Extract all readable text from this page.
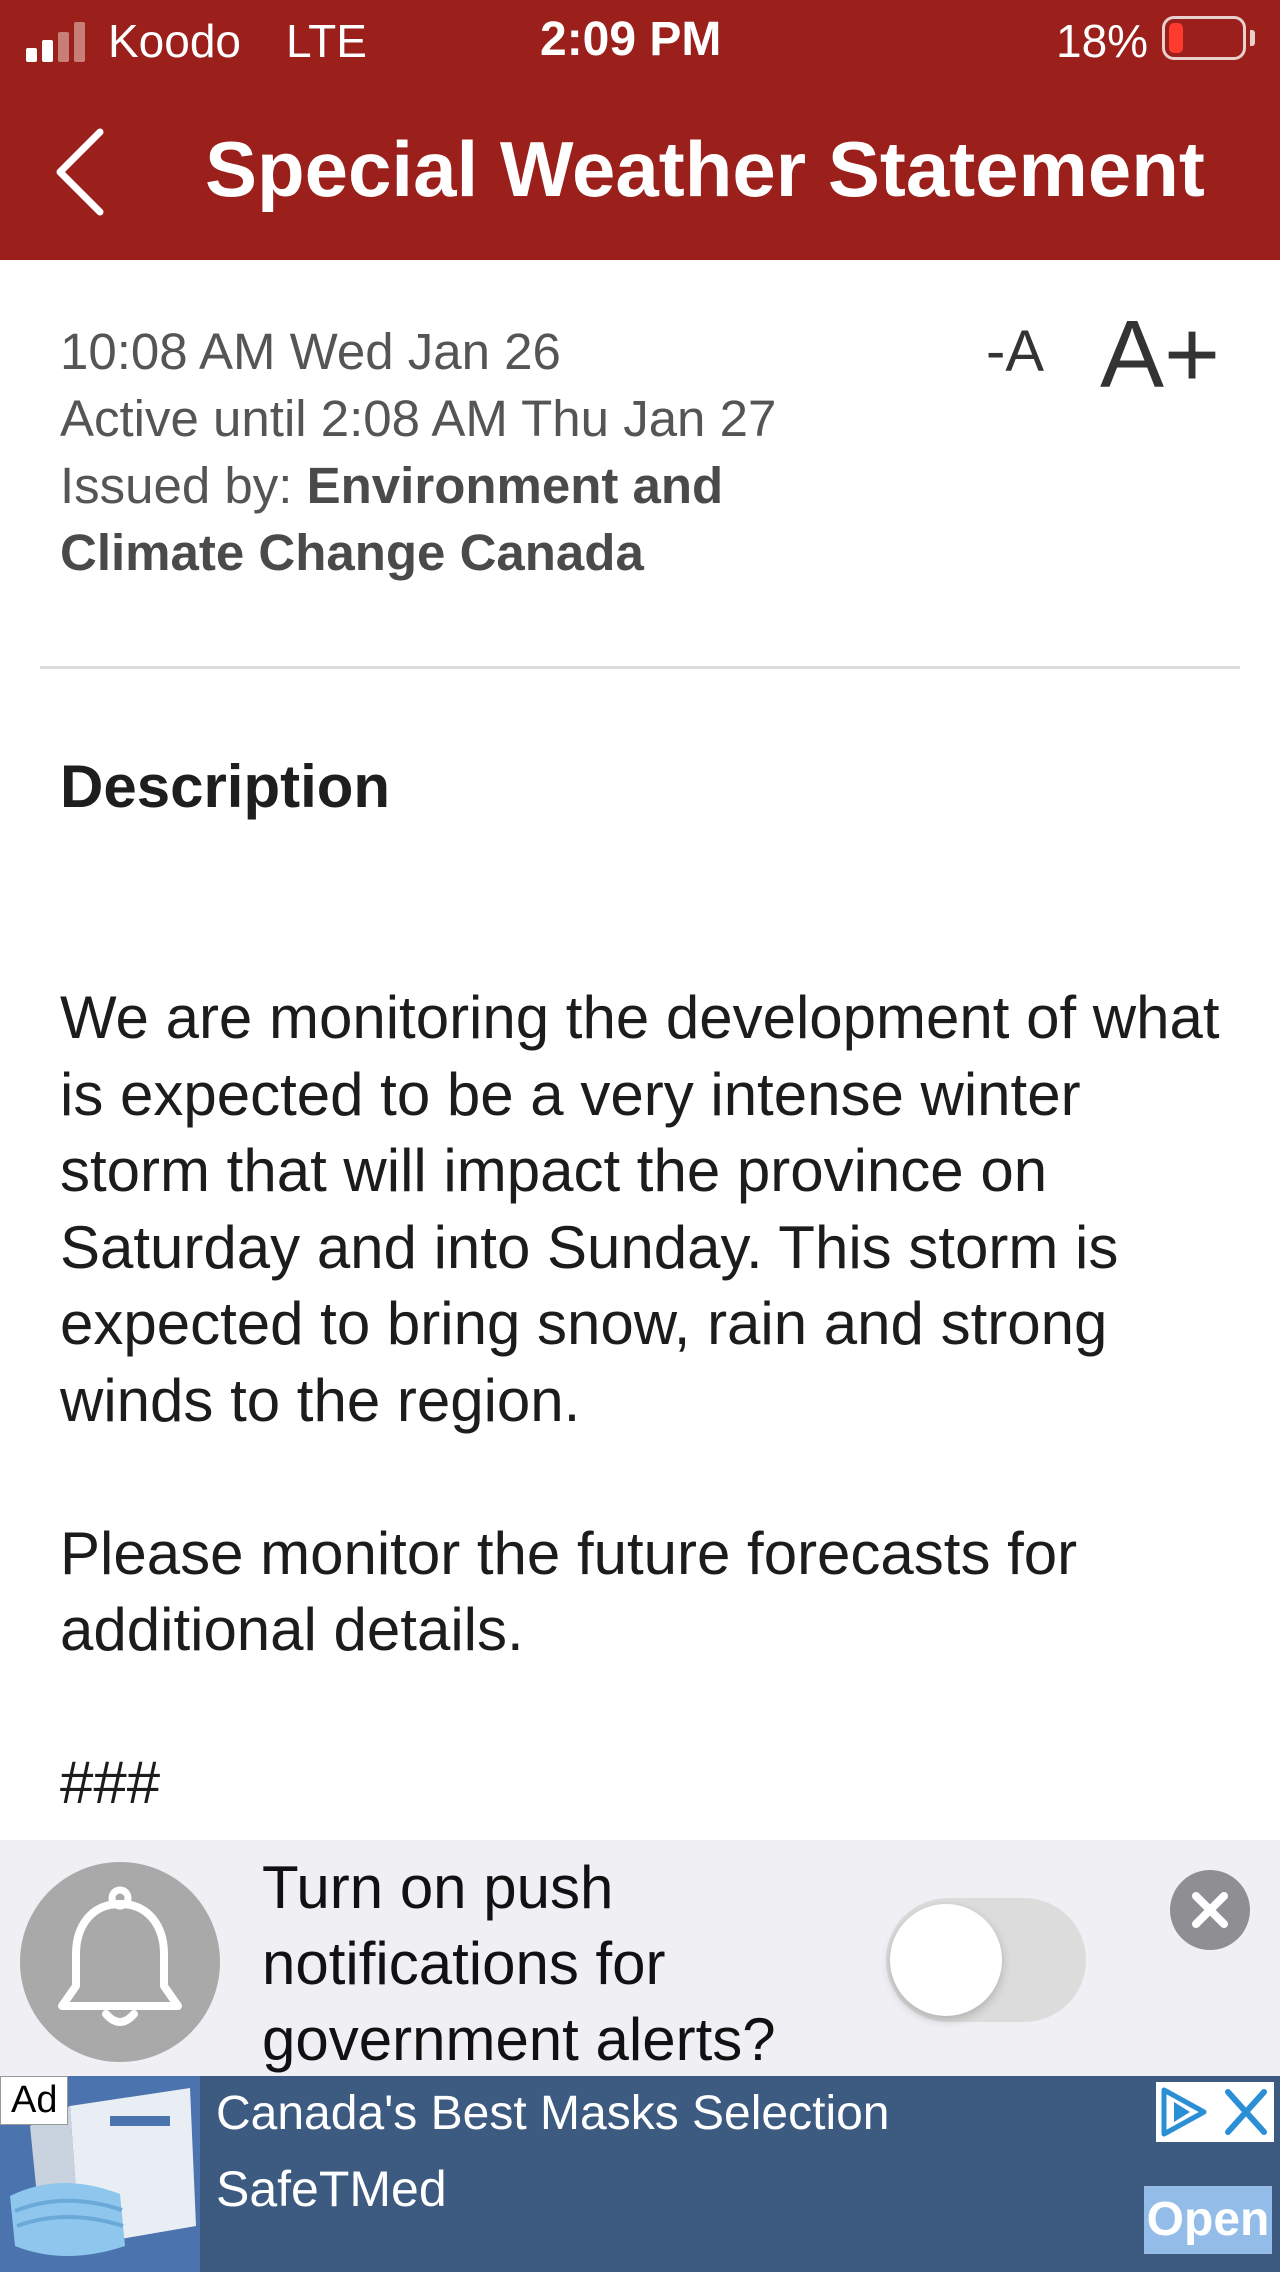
Koodo LTE	2:09 PM	18%
Special Weather Statement
10:08 AM Wed Jan 26
Active until 2:08 AM Thu Jan 27
Issued by: Environment and
Climate Change Canada
-A A+
Description
We are monitoring the development of what is expected to be a very intense winter storm that will impact the province on Saturday and into Sunday. This storm is expected to bring snow, rain and strong winds to the region.

Please monitor the future forecasts for additional details.

###
Turn on push notifications for government alerts?
Ad	Canada's Best Masks Selection
SafeTMed
Open
